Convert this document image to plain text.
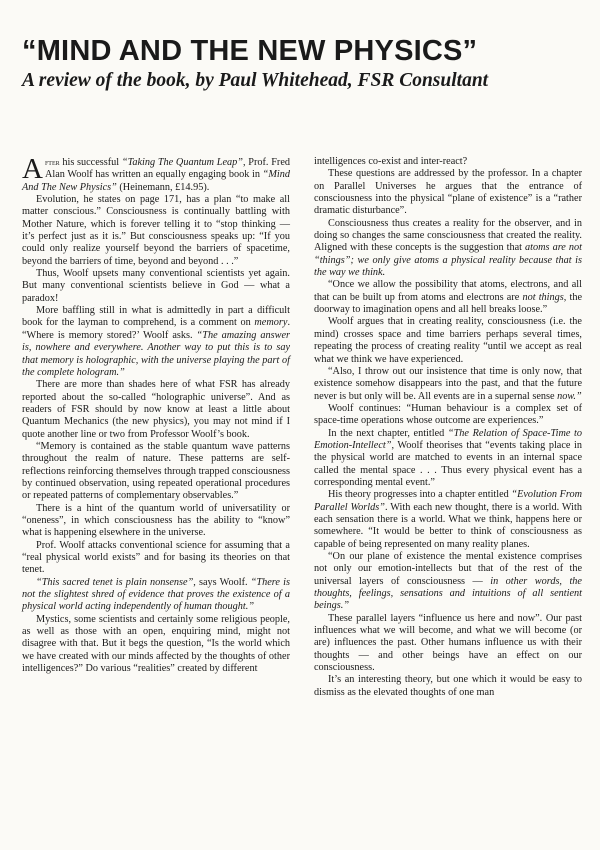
“MIND AND THE NEW PHYSICS”
A review of the book, by Paul Whitehead, FSR Consultant

After his successful “Taking The Quantum Leap”, Prof. Fred Alan Woolf has written an equally engaging book in “Mind And The New Physics” (Heinemann, £14.95).

Evolution, he states on page 171, has a plan “to make all matter conscious.” Consciousness is continually battling with Mother Nature, which is forever telling it to “stop thinking — it’s perfect just as it is.” But consciousness speaks up: “If you could only realize yourself beyond the barriers of spacetime, beyond the barriers of time, beyond and beyond . . .”

Thus, Woolf upsets many conventional scientists yet again. But many conventional scientists believe in God — what a paradox!

More baffling still in what is admittedly in part a difficult book for the layman to comprehend, is a comment on memory. “Where is memory stored?’ Woolf asks. “The amazing answer is, nowhere and everywhere. Another way to put this is to say that memory is holographic, with the universe playing the part of the complete hologram.”

There are more than shades here of what FSR has already reported about the so-called “holographic universe”. And as readers of FSR should by now know at least a little about Quantum Mechanics (the new physics), you may not mind if I quote another line or two from Professor Woolf’s book.

“Memory is contained as the stable quantum wave patterns throughout the realm of nature. These patterns are self-reflections reinforcing themselves through trapped consciousness by continued observation, using repeated operational procedures or repeated patterns of complementary observables.”

There is a hint of the quantum world of universatility or “oneness”, in which consciousness has the ability to “know” what is happening elsewhere in the universe.

Prof. Woolf attacks conventional science for assuming that a “real physical world exists” and for basing its theories on that tenet.

“This sacred tenet is plain nonsense”, says Woolf. “There is not the slightest shred of evidence that proves the existence of a physical world acting independently of human thought.”

Mystics, some scientists and certainly some religious people, as well as those with an open, enquiring mind, might not disagree with that. But it begs the question, “Is the world which we have created with our minds affected by the thoughts of other intelligences?” Do various “realities” created by different

intelligences co-exist and inter-react?

These questions are addressed by the professor. In a chapter on Parallel Universes he argues that the entrance of consciousness into the physical “plane of existence” is a “rather dramatic disturbance”.

Consciousness thus creates a reality for the observer, and in doing so changes the same consciousness that created the reality. Aligned with these concepts is the suggestion that atoms are not “things”; we only give atoms a physical reality because that is the way we think.

“Once we allow the possibility that atoms, electrons, and all that can be built up from atoms and electrons are not things, the doorway to imagination opens and all hell breaks loose.”

Woolf argues that in creating reality, consciousness (i.e. the mind) crosses space and time barriers perhaps several times, repeating the process of creating reality “until we accept as real what we think we have experienced.

“Also, I throw out our insistence that time is only now, that existence somehow disappears into the past, and that the future never is but only will be. All events are in a supernal sense now.”

Woolf continues: “Human behaviour is a complex set of space-time operations whose outcome are experiences.”

In the next chapter, entitled “The Relation of Space-Time to Emotion-Intellect”, Woolf theorises that “events taking place in the physical world are matched to events in an internal space called the mental space . . . Thus every physical event has a corresponding mental event.”

His theory progresses into a chapter entitled “Evolution From Parallel Worlds”. With each new thought, there is a world. With each sensation there is a world. What we think, happens here or somewhere. “It would be better to think of consciousness as capable of being represented on many reality planes.

“On our plane of existence the mental existence comprises not only our emotion-intellects but that of the rest of the universal layers of consciousness — in other words, the thoughts, feelings, sensations and intuitions of all sentient beings.”

These parallel layers “influence us here and now”. Our past influences what we will become, and what we will become (or are) influences the past. Other humans influence us with their thoughts — and other beings have an effect on our consciousness.

It’s an interesting theory, but one which it would be easy to dismiss as the elevated thoughts of one man
